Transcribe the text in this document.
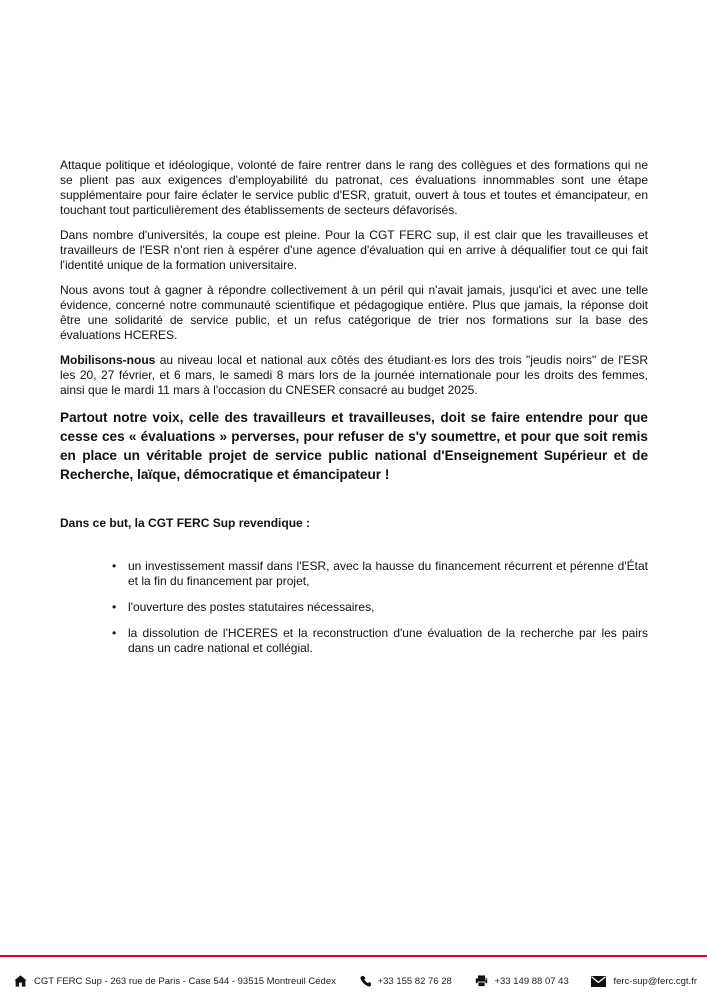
Attaque politique et idéologique, volonté de faire rentrer dans le rang des collègues et des formations qui ne se plient pas aux exigences d'employabilité du patronat, ces évaluations innommables sont une étape supplémentaire pour faire éclater le service public d'ESR, gratuit, ouvert à tous et toutes et émancipateur, en touchant tout particulièrement des établissements de secteurs défavorisés.

Dans nombre d'universités, la coupe est pleine. Pour la CGT FERC sup, il est clair que les travailleuses et travailleurs de l'ESR n'ont rien à espérer d'une agence d'évaluation qui en arrive à déqualifier tout ce qui fait l'identité unique de la formation universitaire.

Nous avons tout à gagner à répondre collectivement à un péril qui n'avait jamais, jusqu'ici et avec une telle évidence, concerné notre communauté scientifique et pédagogique entière. Plus que jamais, la réponse doit être une solidarité de service public, et un refus catégorique de trier nos formations sur la base des évaluations HCERES.

Mobilisons-nous au niveau local et national aux côtés des étudiant·es lors des trois "jeudis noirs" de l'ESR les 20, 27 février, et 6 mars, le samedi 8 mars lors de la journée internationale pour les droits des femmes, ainsi que le mardi 11 mars à l'occasion du CNESER consacré au budget 2025.

Partout notre voix, celle des travailleurs et travailleuses, doit se faire entendre pour que cesse ces « évaluations » perverses, pour refuser de s'y soumettre, et pour que soit remis en place un véritable projet de service public national d'Enseignement Supérieur et de Recherche, laïque, démocratique et émancipateur !

Dans ce but, la CGT FERC Sup revendique :

• un investissement massif dans l'ESR, avec la hausse du financement récurrent et pérenne d'État et la fin du financement par projet,
• l'ouverture des postes statutaires nécessaires,
• la dissolution de l'HCERES et la reconstruction d'une évaluation de la recherche par les pairs dans un cadre national et collégial.
CGT FERC Sup - 263 rue de Paris - Case 544 - 93515 Montreuil Cédex	+33 155 82 76 28	+33 149 88 07 43	ferc-sup@ferc.cgt.fr
